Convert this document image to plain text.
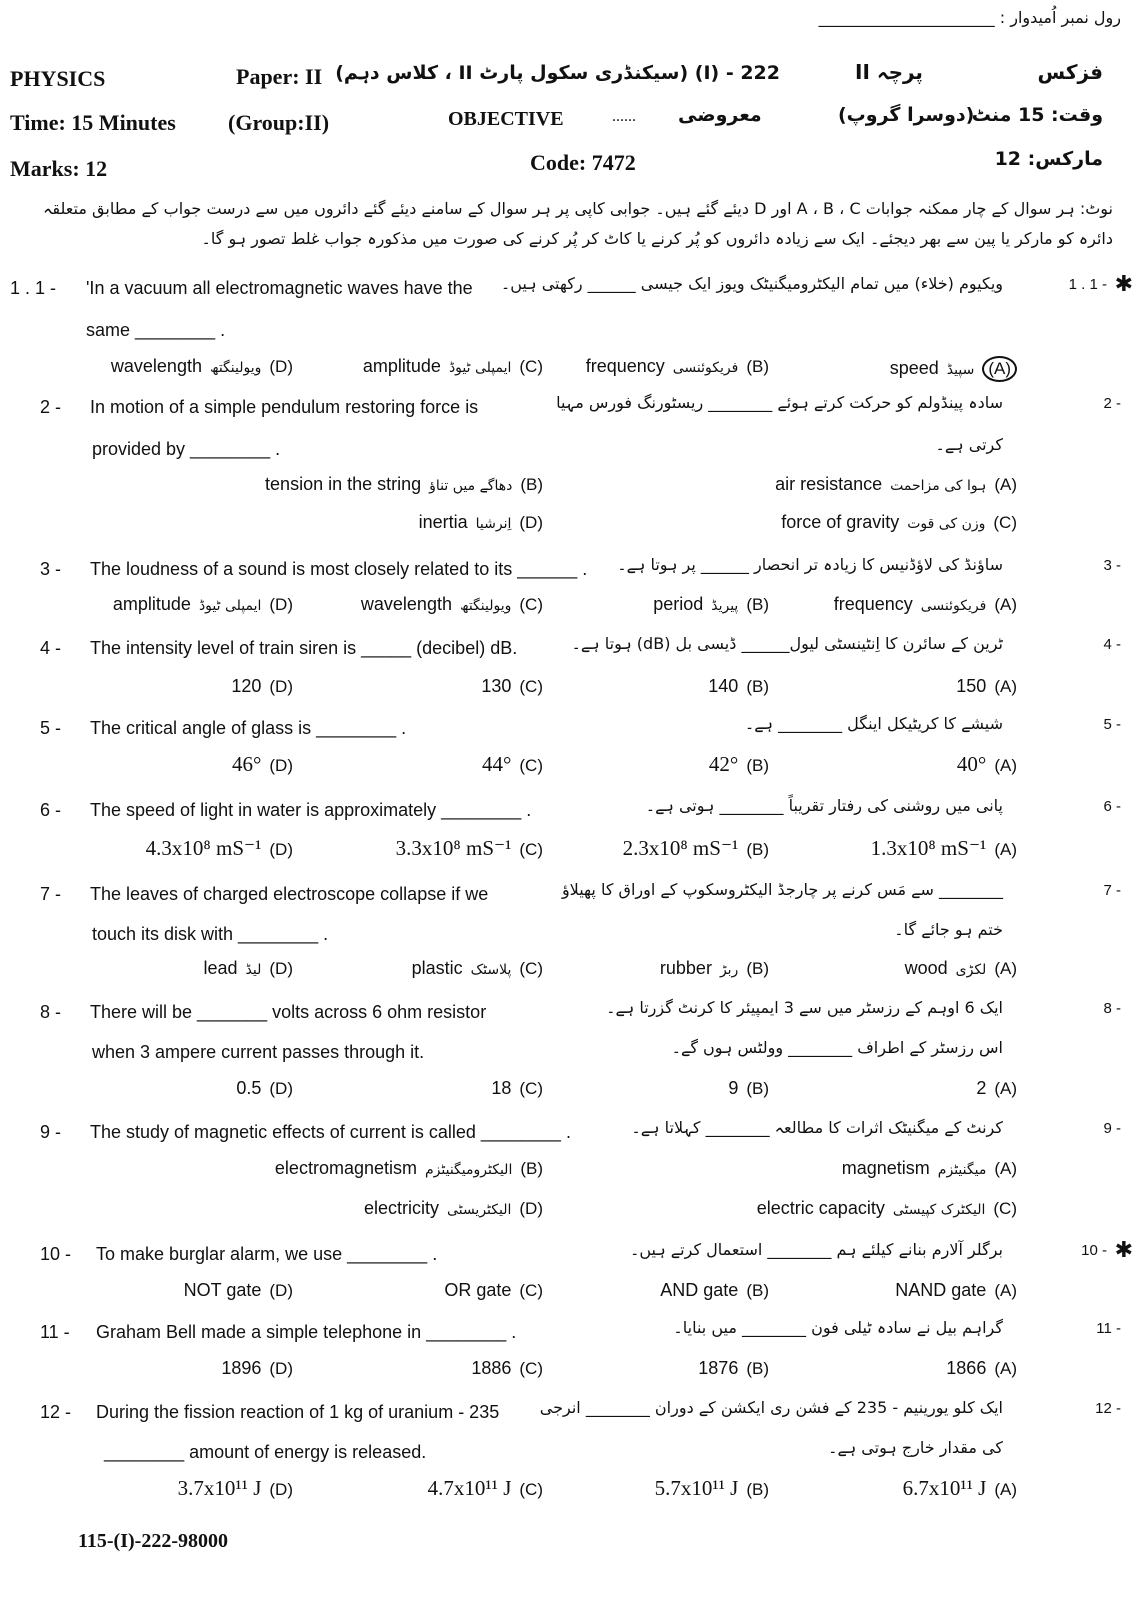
رول نمبر اُمیدوار : ______________________
PHYSICS	Paper: II 222 - (I) (سیکنڈری سکول پارٹ II ، کلاس دہم)	پرچہ II	فزکس
Time: 15 Minutes (Group:II)	OBJECTIVE	...... معروضی	(دوسرا گروپ)
وقت: 15 منٹ
Marks: 12	Code: 7472	مارکس: 12
نوٹ: ہر سوال کے چار ممکنہ جوابات A ، B ، C اور D دیئے گئے ہیں۔ جوابی کاپی پر ہر سوال کے سامنے دیئے گئے دائروں میں سے درست جواب کے مطابق متعلقہ دائرہ کو مارکر یا پین سے بھر دیجئے۔ ایک سے زیادہ دائروں کو پُر کرنے یا کاٹ کر پُر کرنے کی صورت میں مذکورہ جواب غلط تصور ہو گا۔
1 . 1 - 'In a vacuum all electromagnetic waves have the
same ________ .
ویکیوم (خلاء) میں تمام الیکٹرومیگنیٹک ویوز ایک جیسی ______ رکھتی ہیں۔	1 . 1 - ✱
speed سپیڈ (A)
frequency فریکوئنسی (B)
amplitude ایمپلی ٹیوڈ (C)
wavelength ویولینگتھ (D)
2 - In motion of a simple pendulum restoring force is
provided by ________ .
سادہ پینڈولم کو حرکت کرتے ہوئے ________ ریسٹورنگ فورس مہیا
کرتی ہے۔
2 -
air resistance ہوا کی مزاحمت (A)
tension in the string دھاگے میں تناؤ (B)
force of gravity وزن کی قوت (C)
inertia اِنرشیا (D)
3 - The loudness of a sound is most closely related to its ______ . ساؤنڈ کی لاؤڈنیس کا زیادہ تر انحصار ______ پر ہوتا ہے۔	3 -
frequency فریکوئنسی (A)
period پیریڈ (B)
wavelength ویولینگتھ (C)
amplitude ایمپلی ٹیوڈ (D)
4 - The intensity level of train siren is _____ (decibel) dB.	ٹرین کے سائرن کا اِنٹینسٹی لیول______ ڈیسی بل (dB) ہوتا ہے۔	4 -
150 (A)
140 (B)
130 (C)
120 (D)
5 - The critical angle of glass is ________ .	شیشے کا کریٹیکل اینگل ________ ہے۔	5 -
40° (A)
42° (B)
44° (C)
46° (D)
6 - The speed of light in water is approximately ________ .	پانی میں روشنی کی رفتار تقریباً ________ ہوتی ہے۔	6 -
1.3x10⁸ mS⁻¹ (A)
2.3x10⁸ mS⁻¹ (B)
3.3x10⁸ mS⁻¹ (C)
4.3x10⁸ mS⁻¹ (D)
7 - The leaves of charged electroscope collapse if we
touch its disk with ________ .
________ سے مَس کرنے پر چارجڈ الیکٹروسکوپ کے اوراق کا پھیلاؤ
ختم ہو جائے گا۔
7 -
wood لکڑی (A)
rubber ربڑ (B)
plastic پلاسٹک (C)
lead لیڈ (D)
8 - There will be _______ volts across 6 ohm resistor
when 3 ampere current passes through it.
ایک 6 اوہم کے رزسٹر میں سے 3 ایمپیئر کا کرنٹ گزرتا ہے۔
اس رزسٹر کے اطراف ________ وولٹس ہوں گے۔
8 -
2 (A)
9 (B)
18 (C)
0.5 (D)
9 - The study of magnetic effects of current is called ________ .	کرنٹ کے میگنیٹک اثرات کا مطالعہ ________ کہلاتا ہے۔	9 -
magnetism میگنیٹزم (A)
electromagnetism الیکٹرومیگنیٹزم (B)
electric capacity الیکٹرک کپیسٹی (C)
electricity الیکٹریسٹی (D)
10 - To make burglar alarm, we use ________ .	برگلر آلارم بنانے کیلئے ہم ________ استعمال کرتے ہیں۔	10 - ✱
NAND gate (A)
AND gate (B)
OR gate (C)
NOT gate (D)
11 - Graham Bell made a simple telephone in ________ .	گراہم بیل نے سادہ ٹیلی فون ________ میں بنایا۔	11 -
1866 (A)
1876 (B)
1886 (C)
1896 (D)
12 - During the fission reaction of 1 kg of uranium - 235
________ amount of energy is released.
ایک کلو یورینیم - 235 کے فشن ری ایکشن کے دوران ________ انرجی
کی مقدار خارج ہوتی ہے۔
12 -
6.7x10¹¹ J (A)
5.7x10¹¹ J (B)
4.7x10¹¹ J (C)
3.7x10¹¹ J (D)
115-(I)-222-98000
